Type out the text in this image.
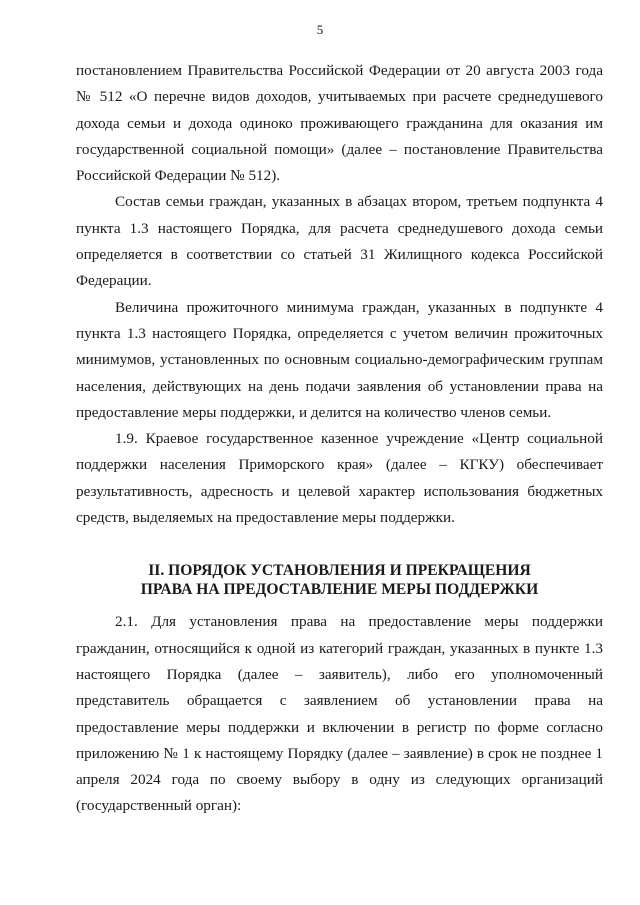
5

постановлением Правительства Российской Федерации от 20 августа 2003 года № 512 «О перечне видов доходов, учитываемых при расчете среднедушевого дохода семьи и дохода одиноко проживающего гражданина для оказания им государственной социальной помощи» (далее – постановление Правительства Российской Федерации № 512).

Состав семьи граждан, указанных в абзацах втором, третьем подпункта 4 пункта 1.3 настоящего Порядка, для расчета среднедушевого дохода семьи определяется в соответствии со статьей 31 Жилищного кодекса Российской Федерации.

Величина прожиточного минимума граждан, указанных в подпункте 4 пункта 1.3 настоящего Порядка, определяется с учетом величин прожиточных минимумов, установленных по основным социально-демографическим группам населения, действующих на день подачи заявления об установлении права на предоставление меры поддержки, и делится на количество членов семьи.

1.9. Краевое государственное казенное учреждение «Центр социальной поддержки населения Приморского края» (далее – КГКУ) обеспечивает результативность, адресность и целевой характер использования бюджетных средств, выделяемых на предоставление меры поддержки.

II. ПОРЯДОК УСТАНОВЛЕНИЯ И ПРЕКРАЩЕНИЯ
ПРАВА НА ПРЕДОСТАВЛЕНИЕ МЕРЫ ПОДДЕРЖКИ

2.1. Для установления права на предоставление меры поддержки гражданин, относящийся к одной из категорий граждан, указанных в пункте 1.3 настоящего Порядка (далее – заявитель), либо его уполномоченный представитель обращается с заявлением об установлении права на предоставление меры поддержки и включении в регистр по форме согласно приложению № 1 к настоящему Порядку (далее – заявление) в срок не позднее 1 апреля 2024 года по своему выбору в одну из следующих организаций (государственный орган):
